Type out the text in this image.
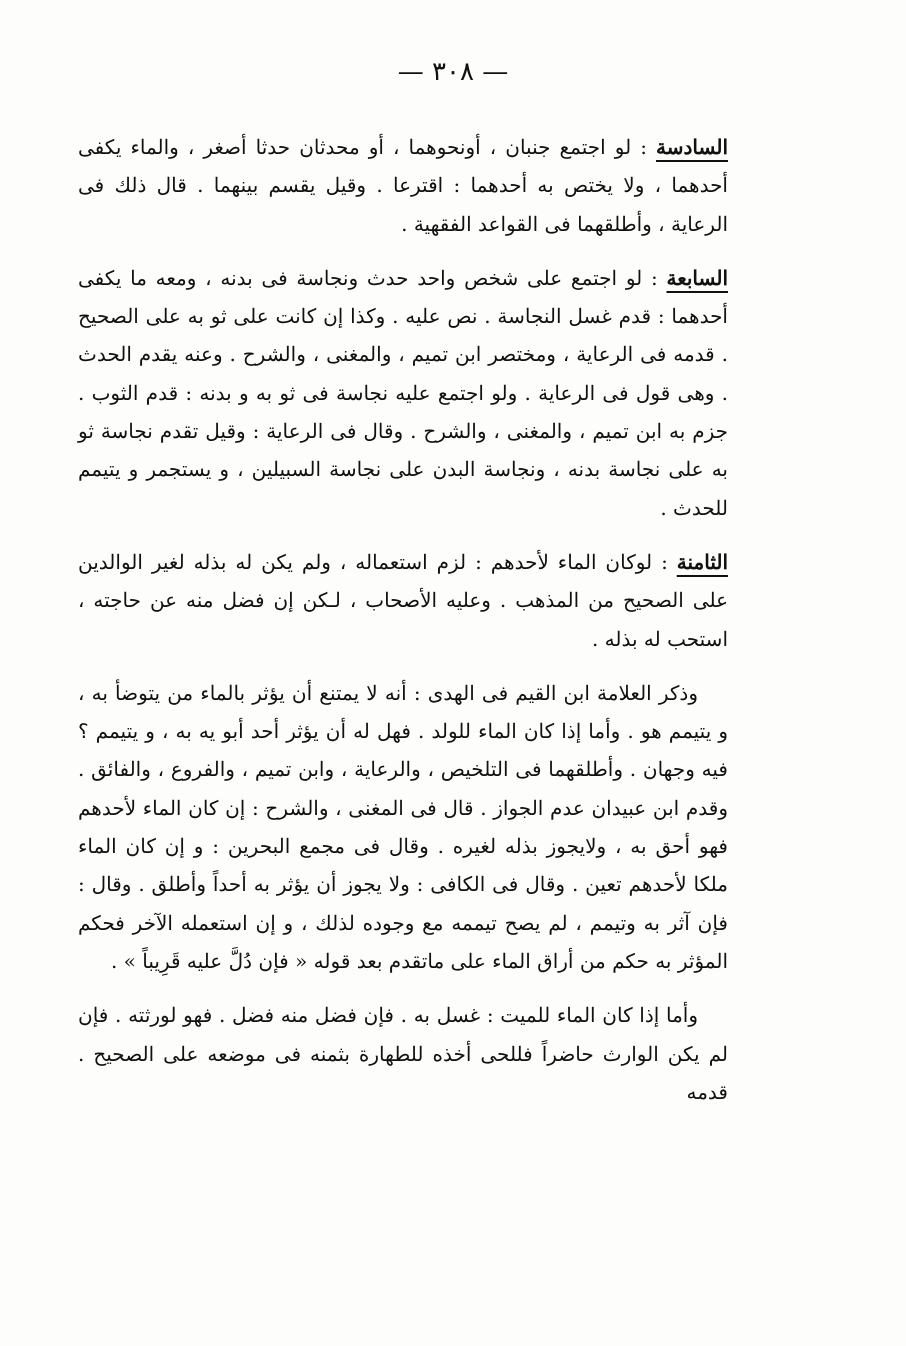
— ٣٠٨ —

السادسة : لو اجتمع جنبان ، أونحوهما ، أو محدثان حدثا أصغر ، والماء يكفى أحدهما ، ولا يختص به أحدهما : اقترعا . وقيل يقسم بينهما . قال ذلك فى الرعاية ، وأطلقهما فى القواعد الفقهية .

السابعة : لو اجتمع على شخص واحد حدث ونجاسة فى بدنه ، ومعه ما يكفى أحدهما : قدم غسل النجاسة . نص عليه . وكذا إن كانت على ثو به على الصحيح . قدمه فى الرعاية ، ومختصر ابن تميم ، والمغنى ، والشرح . وعنه يقدم الحدث . وهى قول فى الرعاية . ولو اجتمع عليه نجاسة فى ثو به و بدنه : قدم الثوب . جزم به ابن تميم ، والمغنى ، والشرح . وقال فى الرعاية : وقيل تقدم نجاسة ثو به على نجاسة بدنه ، ونجاسة البدن على نجاسة السبيلين ، و يستجمر و يتيمم للحدث .

الثامنة : لوكان الماء لأحدهم : لزم استعماله ، ولم يكن له بذله لغير الوالدين على الصحيح من المذهب . وعليه الأصحاب ، لـكن إن فضل منه عن حاجته ، استحب له بذله .

وذكر العلامة ابن القيم فى الهدى : أنه لا يمتنع أن يؤثر بالماء من يتوضأ به ، و يتيمم هو . وأما إذا كان الماء للولد . فهل له أن يؤثر أحد أبو يه به ، و يتيمم ؟ فيه وجهان . وأطلقهما فى التلخيص ، والرعاية ، وابن تميم ، والفروع ، والفائق . وقدم ابن عبيدان عدم الجواز . قال فى المغنى ، والشرح : إن كان الماء لأحدهم فهو أحق به ، ولايجوز بذله لغيره . وقال فى مجمع البحرين : و إن كان الماء ملكا لأحدهم تعين . وقال فى الكافى : ولا يجوز أن يؤثر به أحداً وأطلق . وقال : فإن آثر به وتيمم ، لم يصح تيممه مع وجوده لذلك ، و إن استعمله الآخر فحكم المؤثر به حكم من أراق الماء على ماتقدم بعد قوله « فإن دُلَّ عليه قَرِيباً » .

وأما إذا كان الماء للميت : غسل به . فإن فضل منه فضل . فهو لورثته . فإن لم يكن الوارث حاضراً فللحى أخذه للطهارة بثمنه فى موضعه على الصحيح . قدمه
